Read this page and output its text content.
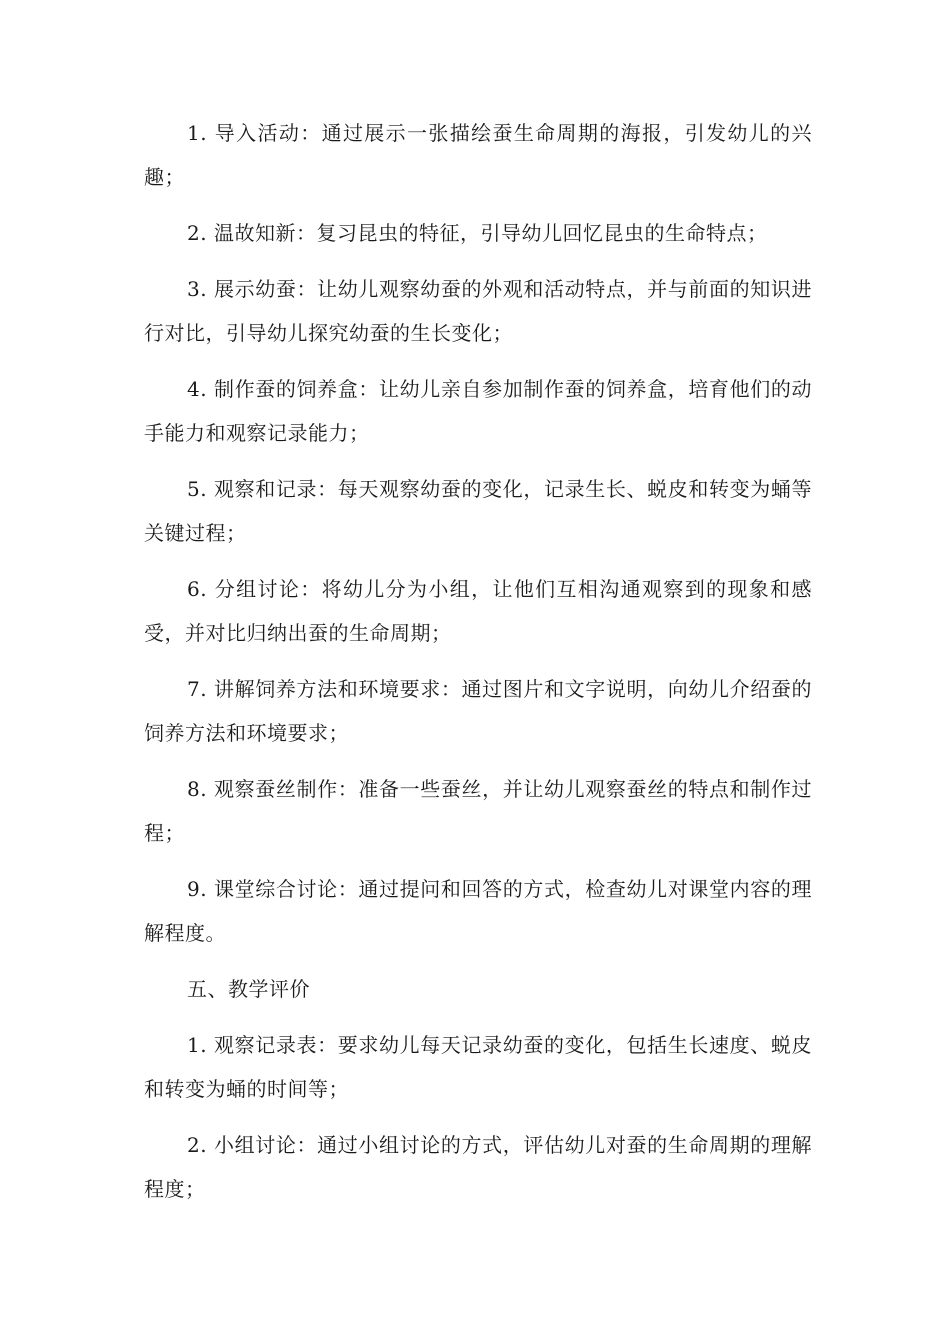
1. 导入活动：通过展示一张描绘蚕生命周期的海报，引发幼儿的兴趣；

2. 温故知新：复习昆虫的特征，引导幼儿回忆昆虫的生命特点；

3. 展示幼蚕：让幼儿观察幼蚕的外观和活动特点，并与前面的知识进行对比，引导幼儿探究幼蚕的生长变化；

4. 制作蚕的饲养盒：让幼儿亲自参加制作蚕的饲养盒，培育他们的动手能力和观察记录能力；

5. 观察和记录：每天观察幼蚕的变化，记录生长、蜕皮和转变为蛹等关键过程；

6. 分组讨论：将幼儿分为小组，让他们互相沟通观察到的现象和感受，并对比归纳出蚕的生命周期；

7. 讲解饲养方法和环境要求：通过图片和文字说明，向幼儿介绍蚕的饲养方法和环境要求；

8. 观察蚕丝制作：准备一些蚕丝，并让幼儿观察蚕丝的特点和制作过程；

9. 课堂综合讨论：通过提问和回答的方式，检查幼儿对课堂内容的理解程度。

五、教学评价

1. 观察记录表：要求幼儿每天记录幼蚕的变化，包括生长速度、蜕皮和转变为蛹的时间等；

2. 小组讨论：通过小组讨论的方式，评估幼儿对蚕的生命周期的理解程度；
